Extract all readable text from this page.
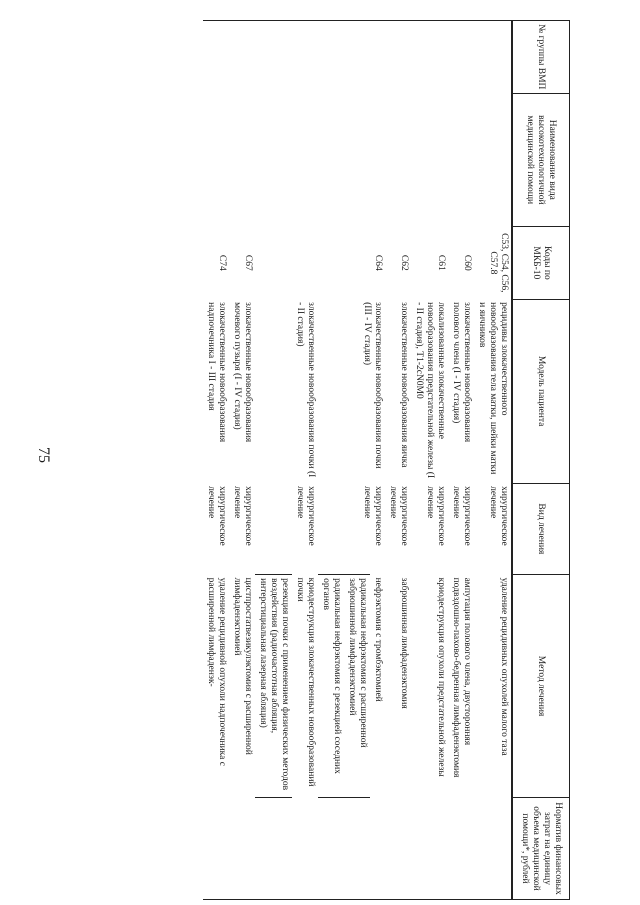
75
№ группы ВМП	Наименование вида высокотехнологичной медицинской помощи	Коды по МКБ-10	Модель пациента	Вид лечения	Метод лечения	Норматив финансовых затрат на единицу объема медицинской помощи*, рублей
		C53, C54, C56, C57.8	рецидивы злокачественного новообразования тела матки, шейки матки и яичников	хирургическое лечение	удаление рецидивных опухолей малого таза	
		C60	злокачественные новообразования полового члена (I - IV стадия)	хирургическое лечение	ампутация полового члена, двусторонняя подвздошно-пахово-бедренная лимфаденэктомия	
		C61	локализованные злокачественные новообразования предстательной железы (I - II стадия), T1-2cN0M0	хирургическое лечение	криодеструкция опухоли предстательной железы	
		C62	злокачественные новообразования яичка	хирургическое лечение	забрюшинная лимфаденэктомия	
		C64	злокачественные новообразования почки (III - IV стадия)	хирургическое лечение	нефрэктомия с тромбэктомией	
					радикальная нефрэктомия с расширенной забрюшинной лимфаденэктомией	
					радикальная нефрэктомия с резекцией соседних органов	
			злокачественные новообразования почки (I - II стадия)	хирургическое лечение	криодеструкция злокачественных новообразований почки	
					резекция почки с применением физических методов воздействия (радиочастотная абляция, интерстициальная лазерная абляция)	
		C67	злокачественные новообразования мочевого пузыря (I - IV стадия)	хирургическое лечение	цистпростатвезикулэктомия с расширенной лимфаденэктомией	
		C74	злокачественные новообразования надпочечника I - III стадия	хирургическое лечение	удаление рецидивной опухоли надпочечника с расширенной лимфаденэк-	
